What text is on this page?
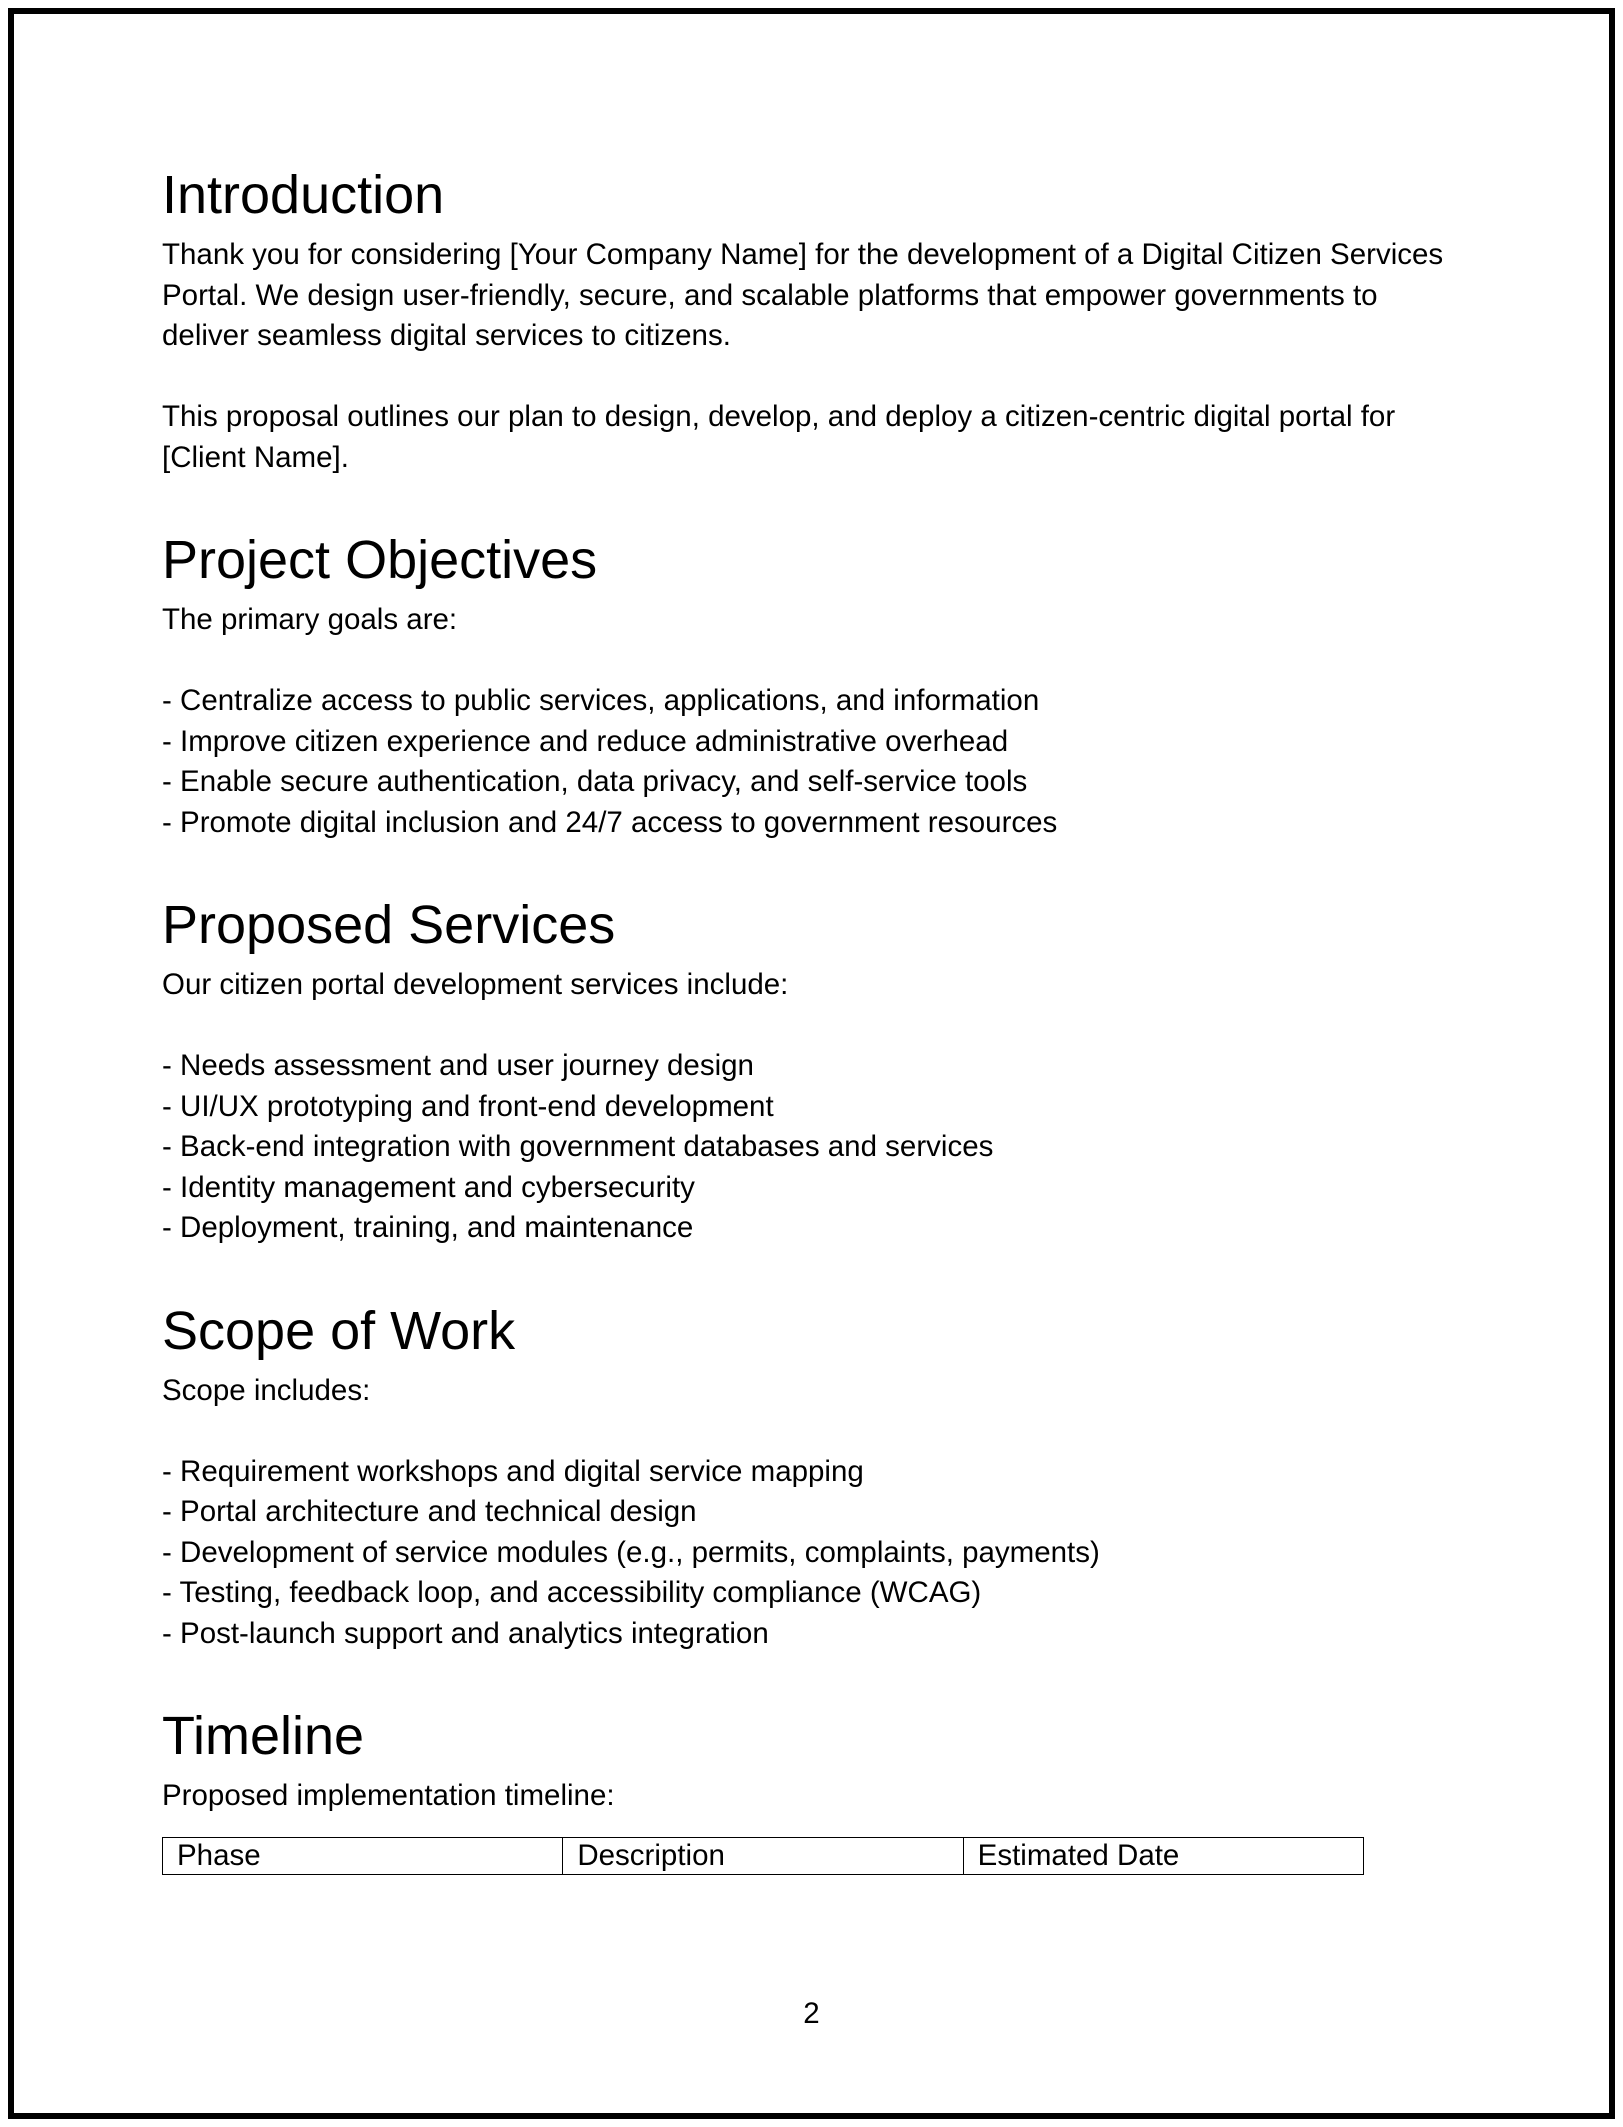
Introduction

Thank you for considering [Your Company Name] for the development of a Digital Citizen Services Portal. We design user-friendly, secure, and scalable platforms that empower governments to deliver seamless digital services to citizens.

This proposal outlines our plan to design, develop, and deploy a citizen-centric digital portal for [Client Name].

Project Objectives

The primary goals are:

- Centralize access to public services, applications, and information
- Improve citizen experience and reduce administrative overhead
- Enable secure authentication, data privacy, and self-service tools
- Promote digital inclusion and 24/7 access to government resources
Proposed Services

Our citizen portal development services include:

- Needs assessment and user journey design
- UI/UX prototyping and front-end development
- Back-end integration with government databases and services
- Identity management and cybersecurity
- Deployment, training, and maintenance
Scope of Work

Scope includes:

- Requirement workshops and digital service mapping
- Portal architecture and technical design
- Development of service modules (e.g., permits, complaints, payments)
- Testing, feedback loop, and accessibility compliance (WCAG)
- Post-launch support and analytics integration
Timeline

Proposed implementation timeline:

Phase	Description	Estimated Date
2
